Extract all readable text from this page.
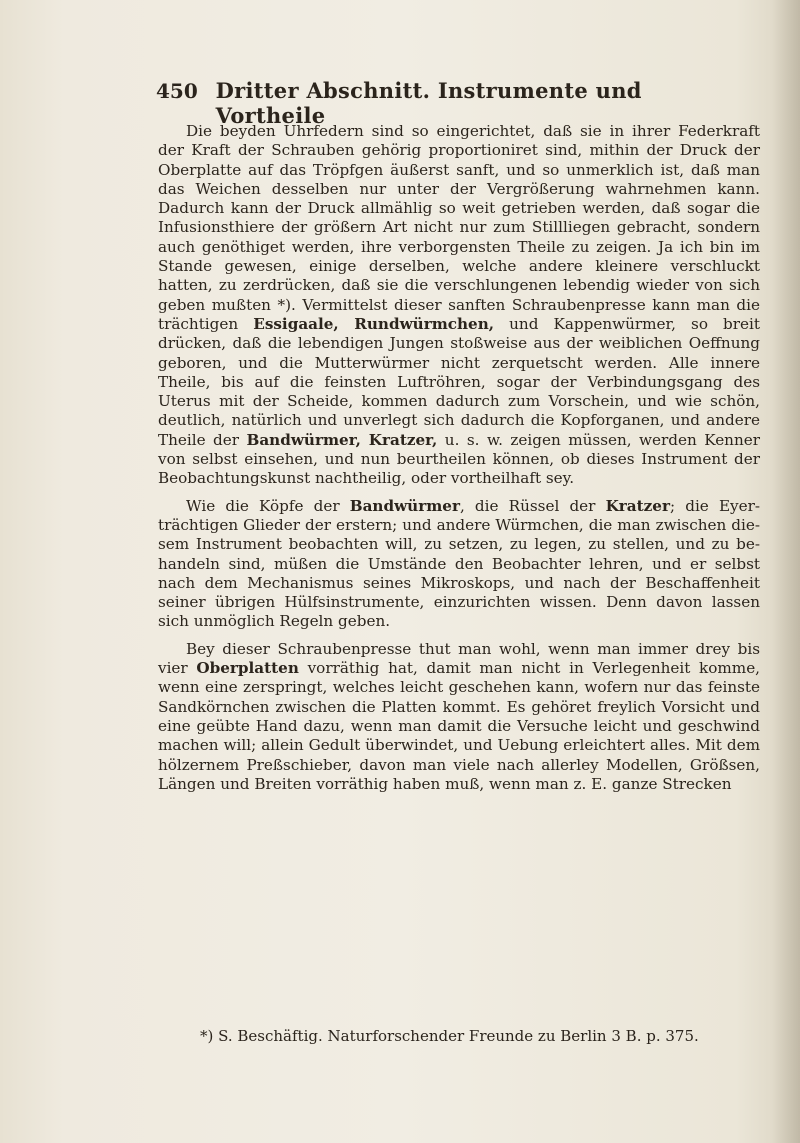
450 Dritter Abschnitt. Instrumente und Vortheile

Die beyden Uhrfedern sind so eingerichtet, daß sie in ihrer Federkraft der Kraft der Schrauben gehörig proportioniret sind, mithin der Druck der Oberplatte auf das Tröpfgen äußerst sanft, und so unmerklich ist, daß man das Weichen desselben nur unter der Vergrößerung wahrnehmen kann. Dadurch kann der Druck allmählig so weit getrieben werden, daß sogar die Infusionsthiere der größern Art nicht nur zum Stillliegen gebracht, sondern auch genöthiget werden, ihre verborgensten Theile zu zeigen. Ja ich bin im Stande gewesen, einige derselben, welche andere kleinere verschluckt hatten, zu zerdrücken, daß sie die verschlungenen lebendig wieder von sich geben mußten *). Vermittelst dieser sanften Schraubenpresse kann man die trächtigen Essigaale, Rundwürmchen, und Kappenwürmer, so breit drücken, daß die lebendigen Jungen stoßweise aus der weiblichen Oeffnung geboren, und die Mutterwürmer nicht zerquetscht werden. Alle innere Theile, bis auf die feinsten Luftröhren, sogar der Verbindungsgang des Uterus mit der Scheide, kommen dadurch zum Vorschein, und wie schön, deutlich, natürlich und unverlegt sich dadurch die Kopforganen, und andere Theile der Bandwürmer, Kratzer, u. s. w. zeigen müssen, werden Kenner von selbst einsehen, und nun beurtheilen können, ob dieses Instrument der Beobachtungskunst nachtheilig, oder vortheilhaft sey.

Wie die Köpfe der Bandwürmer, die Rüssel der Kratzer; die Eyerträchtigen Glieder der erstern; und andere Würmchen, die man zwischen diesem Instrument beobachten will, zu setzen, zu legen, zu stellen, und zu behandeln sind, müßen die Umstände den Beobachter lehren, und er selbst nach dem Mechanismus seines Mikroskops, und nach der Beschaffenheit seiner übrigen Hülfsinstrumente, einzurichten wissen. Denn davon lassen sich unmöglich Regeln geben.

Bey dieser Schraubenpresse thut man wohl, wenn man immer drey bis vier Oberplatten vorräthig hat, damit man nicht in Verlegenheit komme, wenn eine zerspringt, welches leicht geschehen kann, wofern nur das feinste Sandkörnchen zwischen die Platten kommt. Es gehöret freylich Vorsicht und eine geübte Hand dazu, wenn man damit die Versuche leicht und geschwind machen will; allein Gedult überwindet, und Uebung erleichtert alles. Mit dem hölzernem Preßschieber, davon man viele nach allerley Modellen, Größsen, Längen und Breiten vorräthig haben muß, wenn man z. E. ganze Strecken

*) S. Beschäftig. Naturforschender Freunde zu Berlin 3 B. p. 375.
